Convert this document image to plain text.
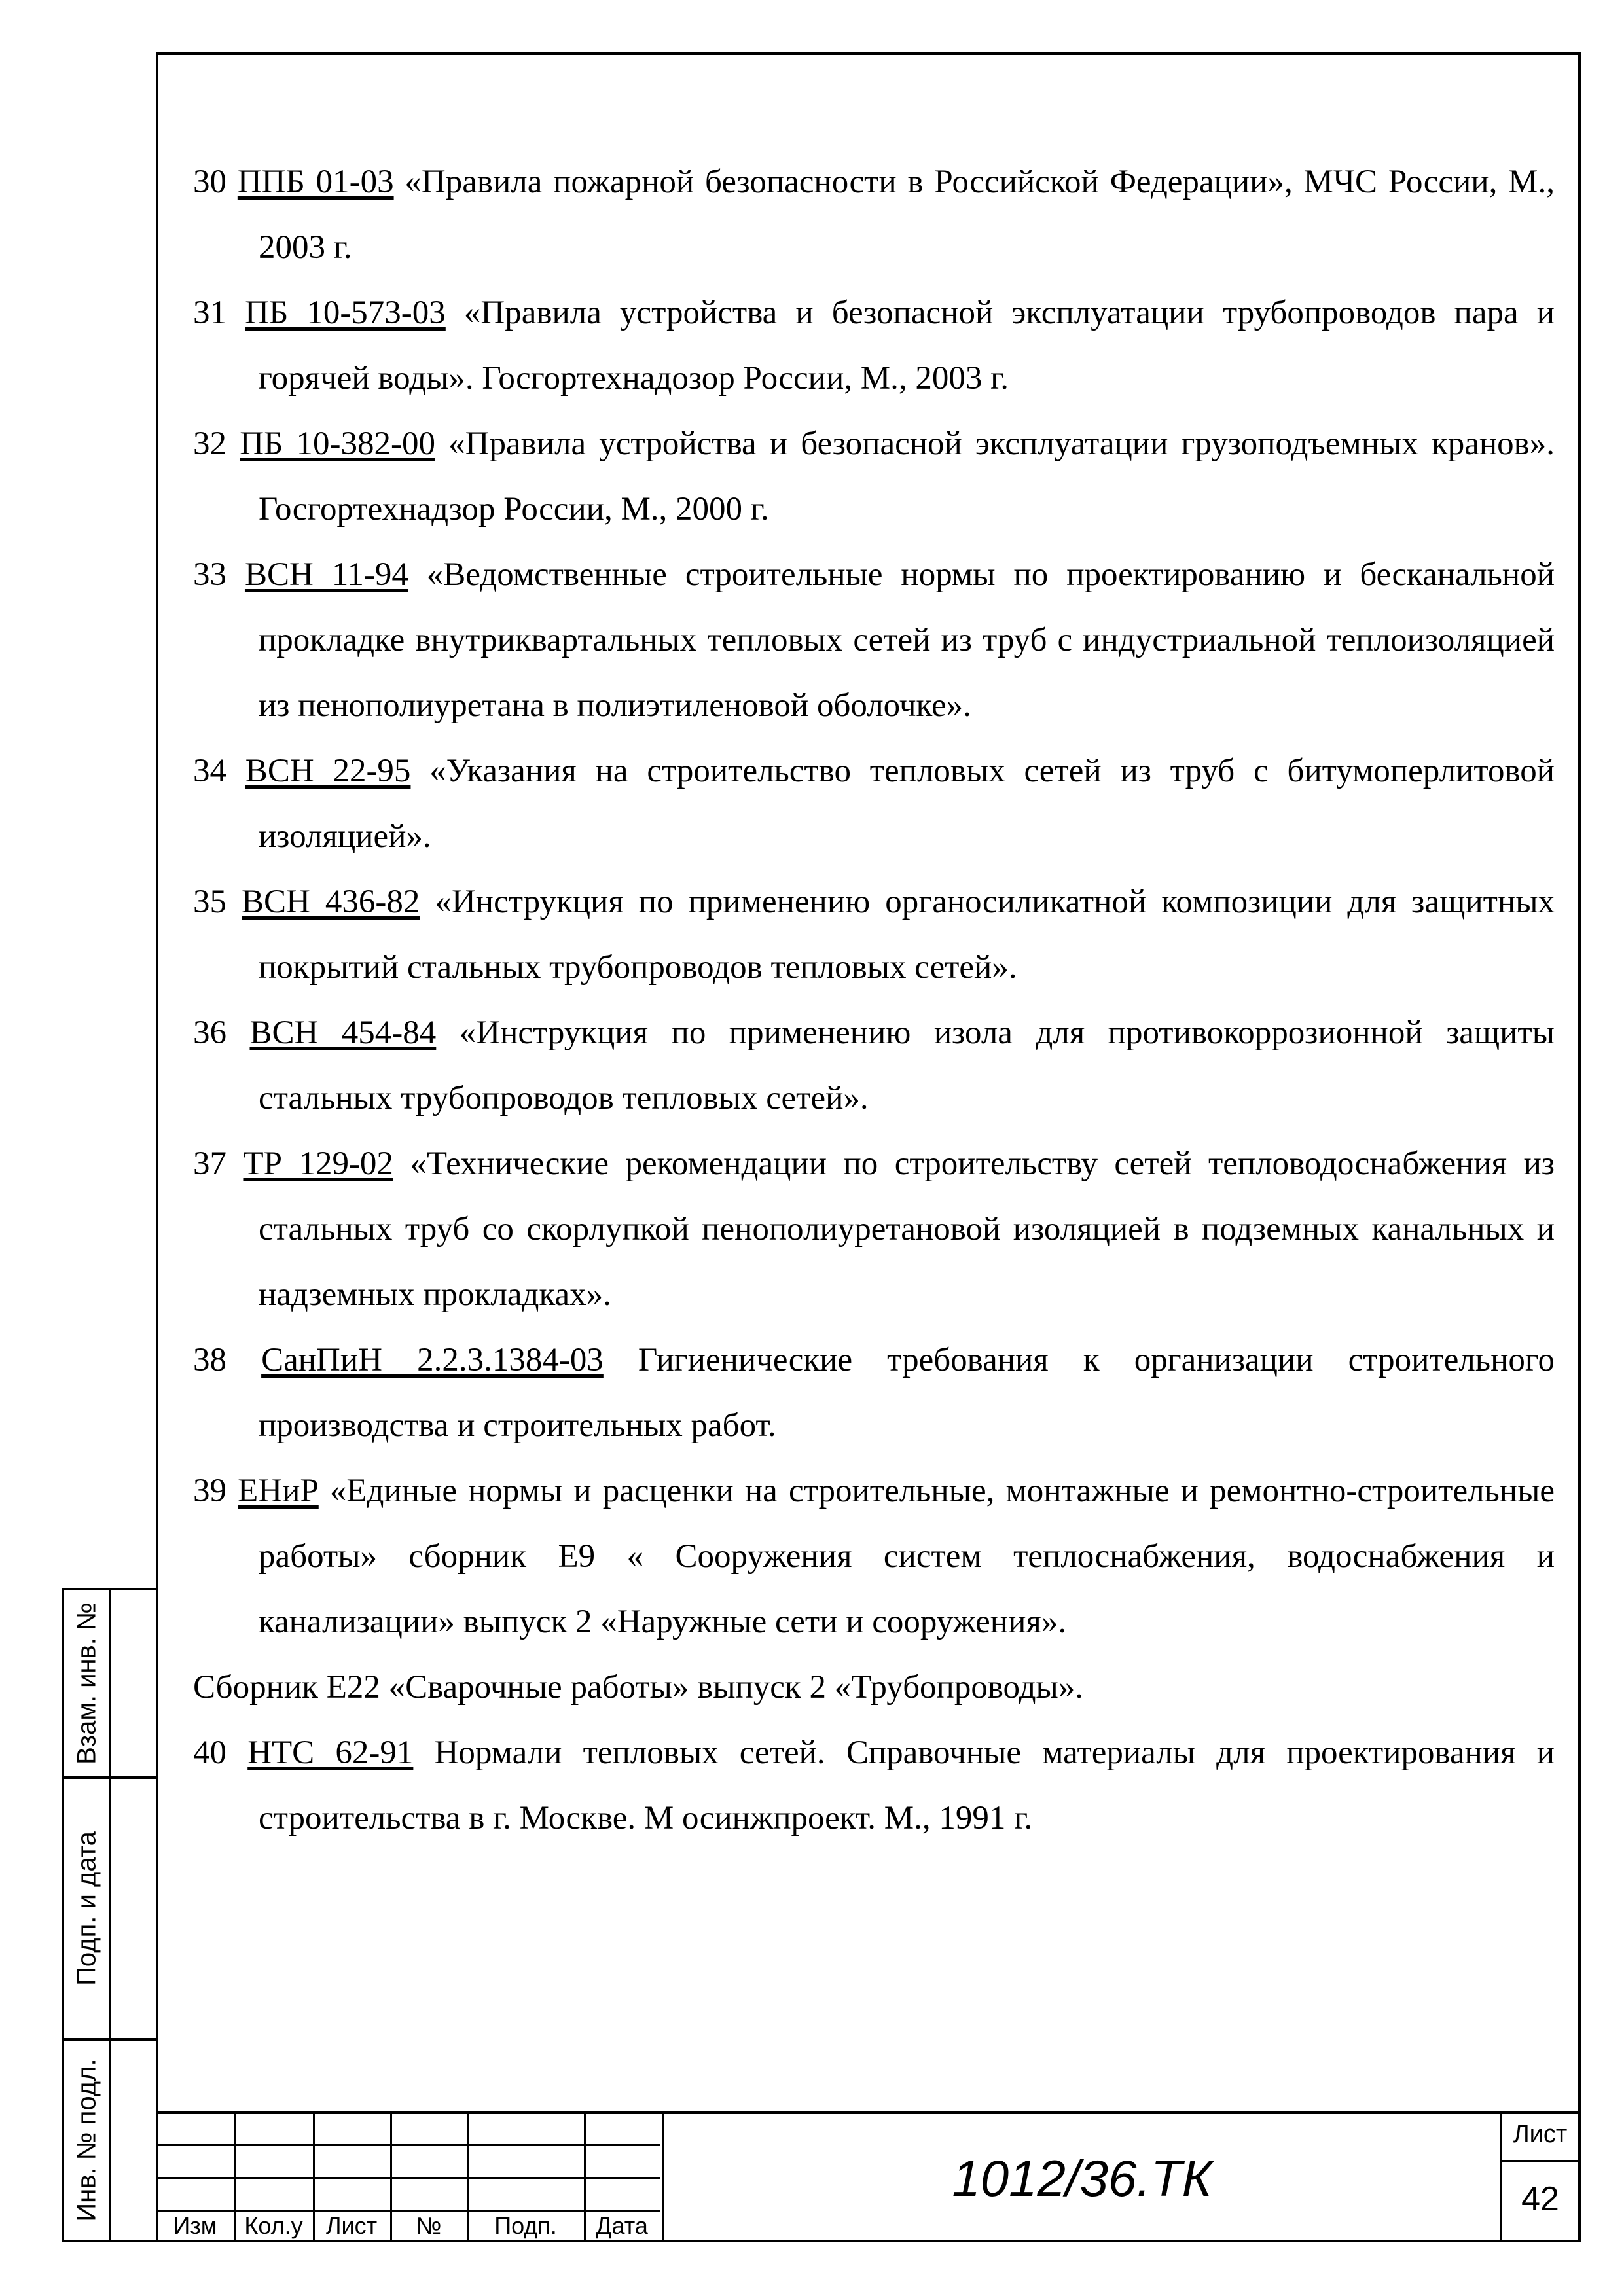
Взам. инв. №
Подп. и дата
Инв. № подл.

30 ППБ 01-03 «Правила пожарной безопасности в Российской Федерации», МЧС России, М., 2003 г.

31 ПБ 10-573-03 «Правила устройства и безопасной эксплуатации трубопроводов пара и горячей воды». Госгортехнадозор России, М., 2003 г.

32 ПБ 10-382-00 «Правила устройства и безопасной эксплуатации грузоподъемных кранов». Госгортехнадзор России, М., 2000 г.

33 ВСН 11-94 «Ведомственные строительные нормы по проектированию и бесканальной прокладке внутриквартальных тепловых сетей из труб с индустриальной теплоизоляцией из пенополиуретана в полиэтиленовой оболочке».

34 ВСН 22-95 «Указания на строительство тепловых сетей из труб с битумоперлитовой изоляцией».

35 ВСН 436-82 «Инструкция по применению органосиликатной композиции для защитных покрытий стальных трубопроводов тепловых сетей».

36 ВСН 454-84 «Инструкция по применению изола для противокоррозионной защиты стальных трубопроводов тепловых сетей».

37 ТР 129-02 «Технические рекомендации по строительству сетей тепловодоснабжения из стальных труб со скорлупкой пенополиуретановой изоляцией в подземных канальных и надземных прокладках».

38 СанПиН 2.2.3.1384-03 Гигиенические требования к организации строительного производства и строительных работ.

39 ЕНиР «Единые нормы и расценки на строительные, монтажные и ремонтно-строительные работы» сборник Е9 « Сооружения систем теплоснабжения, водоснабжения и канализации» выпуск 2 «Наружные сети и сооружения».

Сборник Е22 «Сварочные работы» выпуск 2 «Трубопроводы».

40 НТС 62-91 Нормали тепловых сетей. Справочные материалы для проектирования и строительства в г. Москве. М осинжпроект. М., 1991 г.

Изм	Кол.у Лист	№	Подп.	Дата
1012/36.ТК
Лист
42
